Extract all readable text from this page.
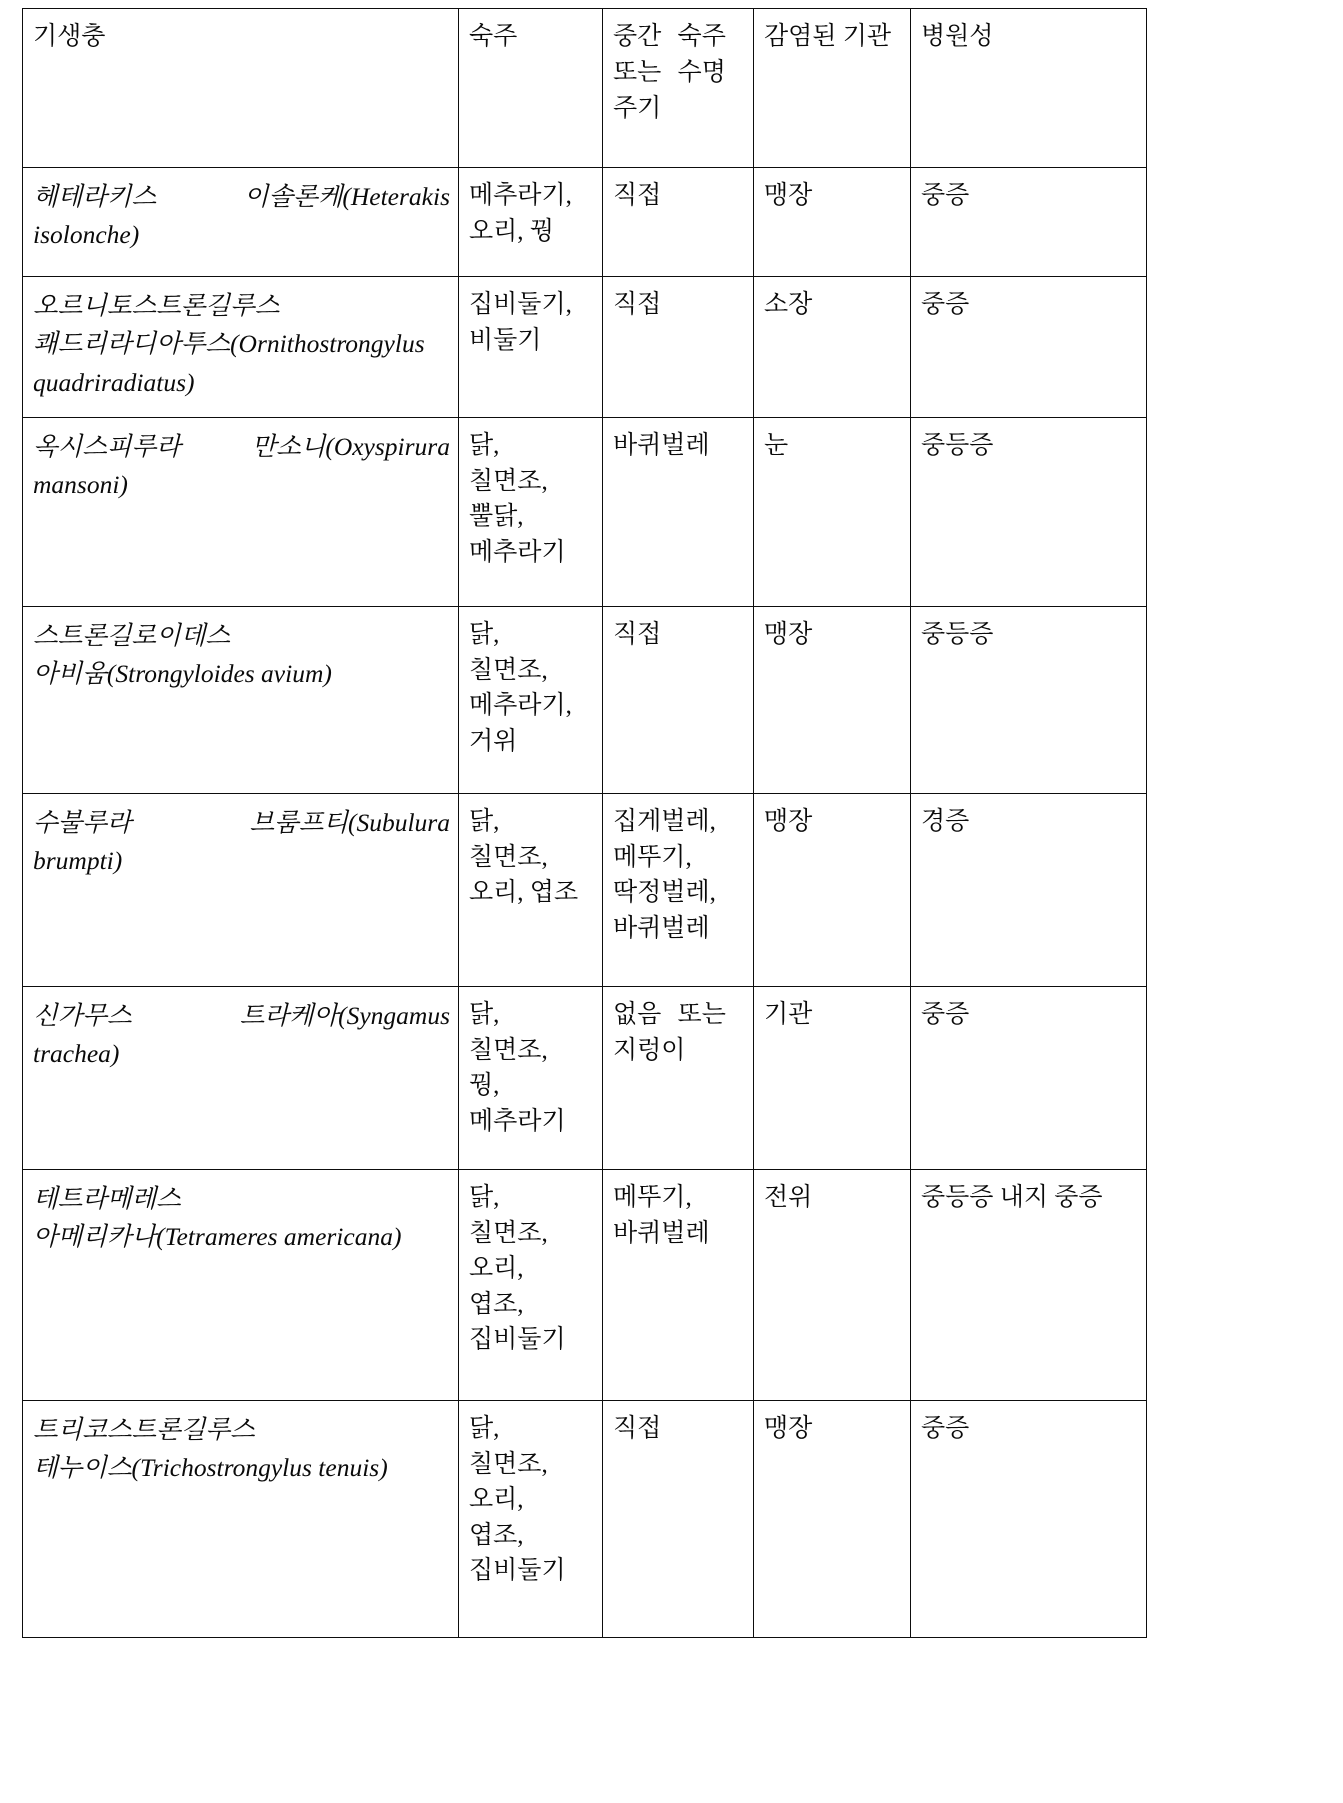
기생충	숙주	중간 숙주
또는 수명
주기	감염된 기관	병원성

헤테라키스 이솔론케(Heterakis
isolonche)	메추라기,
오리, 꿩	직접	맹장	중증

오르니토스트론길루스
쾌드리라디아투스(Ornithostrongylus
quadriradiatus)	집비둘기,
비둘기	직접	소장	중증

옥시스피루라 만소니(Oxyspirura
mansoni)	닭,
칠면조,
뿔닭,
메추라기	바퀴벌레	눈	중등증

스트론길로이데스
아비움(Strongyloides avium)	닭,
칠면조,
메추라기,
거위	직접	맹장	중등증

수불루라 브룸프티(Subulura
brumpti)	닭,
칠면조,
오리, 엽조	집게벌레,
메뚜기,
딱정벌레,
바퀴벌레	맹장	경증

신가무스 트라케아(Syngamus
trachea)	닭,
칠면조,
꿩,
메추라기	없음 또는
지렁이	기관	중증

테트라메레스
아메리카나(Tetrameres americana)	닭,
칠면조,
오리,
엽조,
집비둘기	메뚜기,
바퀴벌레	전위	중등증 내지 중증

트리코스트론길루스
테누이스(Trichostrongylus tenuis)	닭,
칠면조,
오리,
엽조,
집비둘기	직접	맹장	중증
